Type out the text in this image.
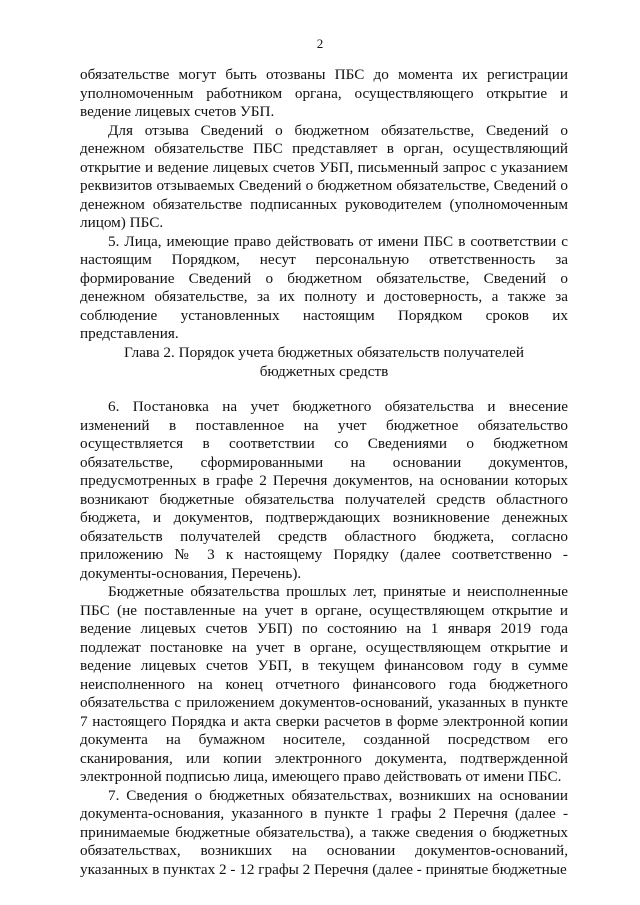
2

обязательстве могут быть отозваны ПБС до момента их регистрации уполномоченным работником органа, осуществляющего открытие и ведение лицевых счетов УБП.

Для отзыва Сведений о бюджетном обязательстве, Сведений о денежном обязательстве ПБС представляет в орган, осуществляющий открытие и ведение лицевых счетов УБП, письменный запрос с указанием реквизитов отзываемых Сведений о бюджетном обязательстве, Сведений о денежном обязательстве подписанных руководителем (уполномоченным лицом) ПБС.

5. Лица, имеющие право действовать от имени ПБС в соответствии с настоящим Порядком, несут персональную ответственность за формирование Сведений о бюджетном обязательстве, Сведений о денежном обязательстве, за их полноту и достоверность, а также за соблюдение установленных настоящим Порядком сроков их представления.

Глава 2. Порядок учета бюджетных обязательств получателей

бюджетных средств

6. Постановка на учет бюджетного обязательства и внесение изменений в поставленное на учет бюджетное обязательство осуществляется в соответствии со Сведениями о бюджетном обязательстве, сформированными на основании документов, предусмотренных в графе 2 Перечня документов, на основании которых возникают бюджетные обязательства получателей средств областного бюджета, и документов, подтверждающих возникновение денежных обязательств получателей средств областного бюджета, согласно приложению № 3 к настоящему Порядку (далее соответственно - документы-основания, Перечень).

Бюджетные обязательства прошлых лет, принятые и неисполненные ПБС (не поставленные на учет в органе, осуществляющем открытие и ведение лицевых счетов УБП) по состоянию на 1 января 2019 года подлежат постановке на учет в органе, осуществляющем открытие и ведение лицевых счетов УБП, в текущем финансовом году в сумме неисполненного на конец отчетного финансового года бюджетного обязательства с приложением документов-оснований, указанных в пункте 7 настоящего Порядка и акта сверки расчетов в форме электронной копии документа на бумажном носителе, созданной посредством его сканирования, или копии электронного документа, подтвержденной электронной подписью лица, имеющего право действовать от имени ПБС.

7. Сведения о бюджетных обязательствах, возникших на основании документа-основания, указанного в пункте 1 графы 2 Перечня (далее - принимаемые бюджетные обязательства), а также сведения о бюджетных обязательствах, возникших на основании документов-оснований, указанных в пунктах 2 - 12 графы 2 Перечня (далее - принятые бюджетные
